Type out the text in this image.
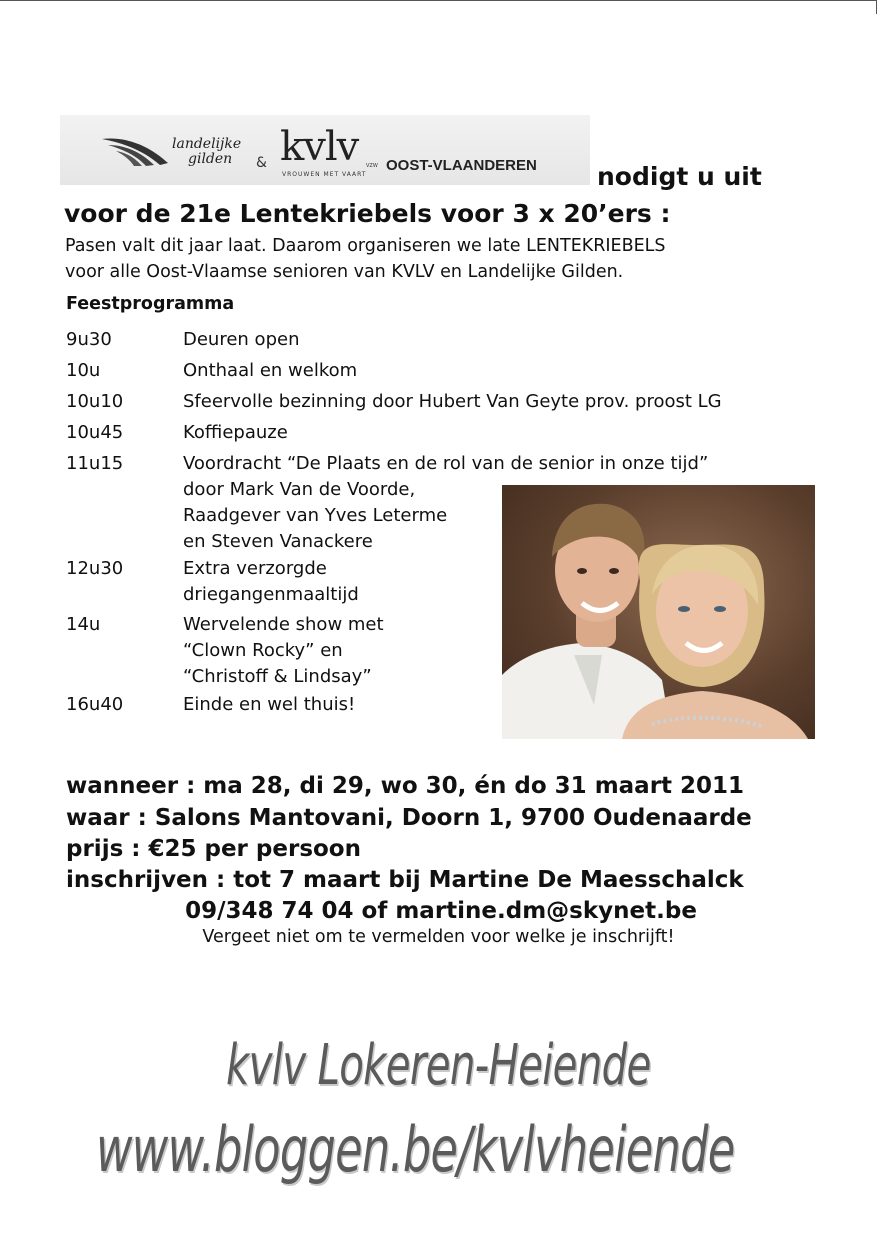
landelijke
gilden	& kvlv VZW
VROUWEN MET VAART
OOST-VLAANDEREN nodigt u uit
voor de 21e Lentekriebels voor 3 x 20’ers :
Pasen valt dit jaar laat. Daarom organiseren we late LENTEKRIEBELS
voor alle Oost-Vlaamse senioren van KVLV en Landelijke Gilden.
Feestprogramma
9u30	Deuren open
10u	Onthaal en welkom
10u10	Sfeervolle bezinning door Hubert Van Geyte prov. proost LG
10u45	Koffiepauze
11u15	Voordracht “De Plaats en de rol van de senior in onze tijd”
door Mark Van de Voorde,
Raadgever van Yves Leterme
en Steven Vanackere
12u30	Extra verzorgde
driegangenmaaltijd
14u	Wervelende show met
“Clown Rocky” en
“Christoff & Lindsay”
16u40	Einde en wel thuis!
wanneer : ma 28, di 29, wo 30, én do 31 maart 2011
waar : Salons Mantovani, Doorn 1, 9700 Oudenaarde
prijs : €25 per persoon
inschrijven : tot 7 maart bij Martine De Maesschalck
09/348 74 04 of martine.dm@skynet.be
Vergeet niet om te vermelden voor welke je inschrijft!
kvlv Lokeren-Heiende
www.bloggen.be/kvlvheiende
